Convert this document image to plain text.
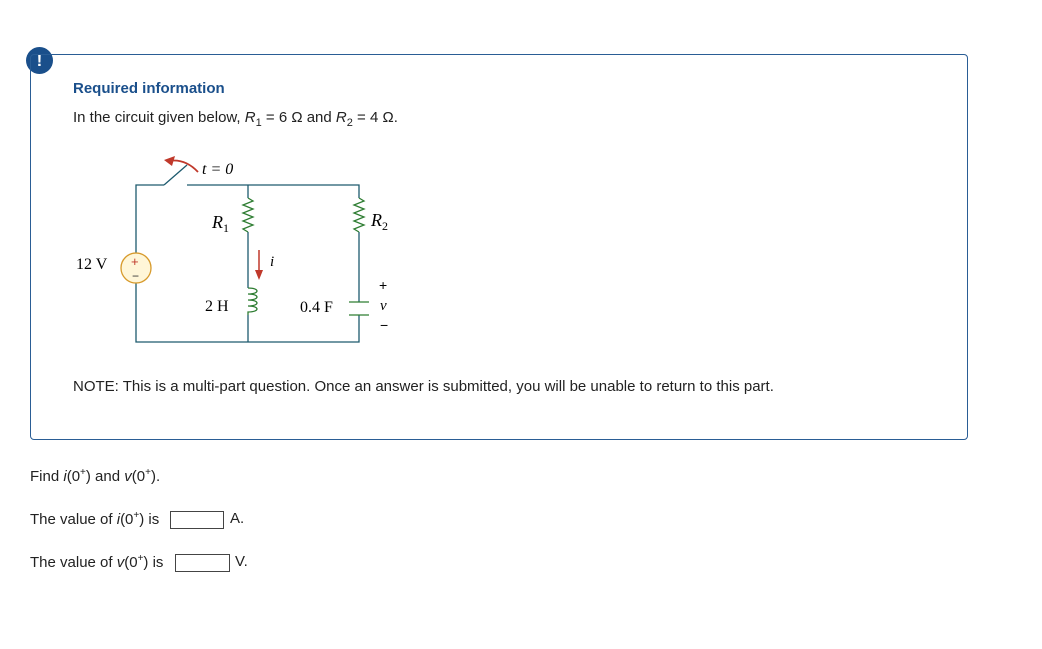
!
Required information
In the circuit given below, $R_1 = 6$ Ω and $R_2 = 4$ Ω.
t = 0
+
−
12 V
$R_1$
i
2 H
$R_2$
0.4 F
+
v
−
NOTE: This is a multi-part question. Once an answer is submitted, you will be unable to return to this part.
Find i(0+) and v(0+).
The value of i(0+) is	A.
The value of v(0+) is	V.
